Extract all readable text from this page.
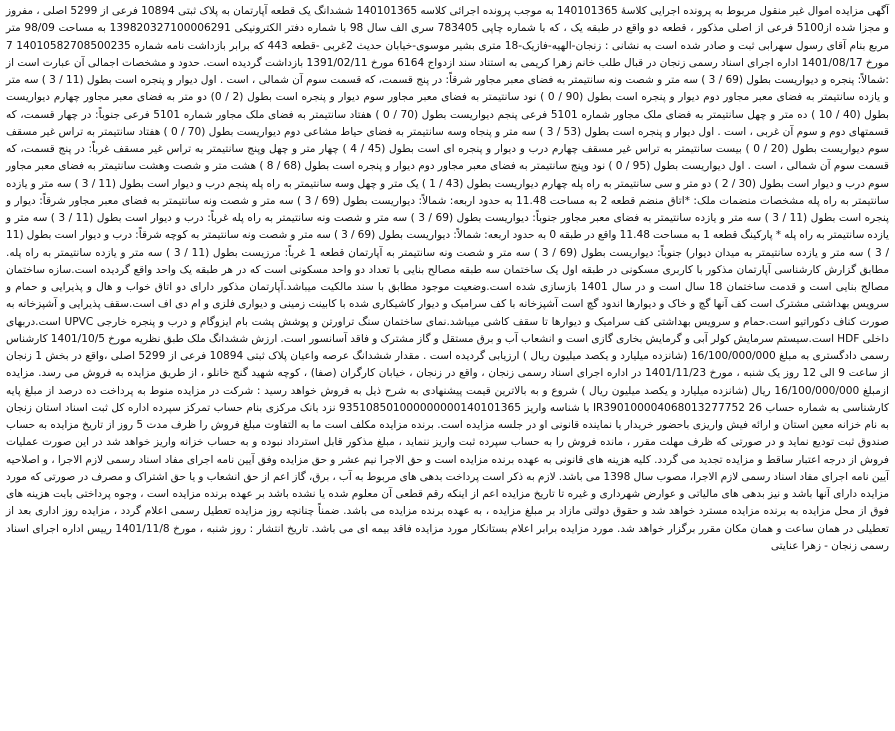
آگهی مزایده اموال غیر منقول مربوط به پرونده اجرایی کلاسهٔ 140101365 به موجب پرونده اجرائی کلاسه 140101365 ششدانگ یک قطعه آپارتمان به پلاک ثبتی 10894 فرعی از 5299 اصلی ، مفروز و مجزا شده از5100 فرعی از اصلی مذکور ، قطعه دو واقع در طبقه یک ، که با شماره چاپی 783405 سری الف سال 98 با شماره دفتر الکترونیکی 139820327100006291 به مساحت 98/09 متر مربع بنام آقای رسول سهرابی ثبت و صادر شده است به نشانی : زنجان-الهیه-فازیک-18 متری بشیر موسوی-خیابان حدیث 2غربی -قطعه 443 که برابر بازداشت نامه شماره 14010582708500235 7 مورخ 1401/08/17 اداره اجرای اسناد رسمی زنجان در قبال طلب خانم زهرا کریمی به استناد سند ازدواج 6164 مورخ 1391/02/11 بازداشت گردیده است. حدود و مشخصات اجمالی آن عبارت است از :شمالاً: پنجره و دیواریست بطول (69 / 3 ) سه متر و شصت ونه سانتیمتر به فضای معبر مجاور شرقاً: در پنج قسمت، که قسمت سوم آن شمالی ، است . اول دیوار و پنجره است بطول (11 / 3 ) سه متر و یازده سانتیمتر به فضای معبر مجاور دوم دیوار و پنجره است بطول (90 / 0 ) نود سانتیمتر به فضای معبر مجاور سوم دیوار و پنجره است بطول (2 / 0) دو متر به فضای معبر مجاور چهارم دیواریست بطول (40 / 10 ) ده متر و چهل سانتیمتر به فضای ملک مجاور شماره 5101 فرعی پنجم دیواریست بطول (70 / 0 ) هفتاد سانتیمتر به فضای ملک مجاور شماره 5101 فرعی جنوباً: در چهار قسمت، که قسمتهای دوم و سوم آن غربی ، است . اول دیوار و پنجره است بطول (53 / 3 ) سه متر و پنجاه وسه سانتیمتر به فضای حیاط مشاعی دوم دیواریست بطول (70 / 0 ) هفتاد سانتیمتر به تراس غیر مسقف سوم دیواریست بطول (20 / 0 ) بیست سانتیمتر به تراس غیر مسقف چهارم درب و دیوار و پنجره ای است بطول (45 / 4 ) چهار متر و چهل وپنج سانتیمتر به تراس غیر مسقف غرباً: در پنج قسمت، که قسمت سوم آن شمالی ، است . اول دیواریست بطول (95 / 0 ) نود وپنج سانتیمتر به فضای معبر مجاور دوم دیوار و پنجره است بطول (68 / 8 ) هشت متر و شصت وهشت سانتیمتر به فضای معبر مجاور سوم درب و دیوار است بطول (30 / 2 ) دو متر و سی سانتیمتر به راه پله چهارم دیواریست بطول (43 / 1 ) یک متر و چهل وسه سانتیمتر به راه پله پنجم درب و دیوار است بطول (11 / 3 ) سه متر و یازده سانتیمتر به راه پله مشخصات منضمات ملک: *اتاق منضم قطعه 2 به مساحت 11.48 به حدود اربعه: شمالاً: دیواریست بطول (69 / 3 ) سه متر و شصت ونه سانتیمتر به فضای معبر مجاور شرقاً: دیوار و پنجره است بطول (11 / 3 ) سه متر و یازده سانتیمتر به فضای معبر مجاور جنوباً: دیواریست بطول (69 / 3 ) سه متر و شصت ونه سانتیمتر به راه پله غرباً: درب و دیوار است بطول (11 / 3 ) سه متر و یازده سانتیمتر به راه پله * پارکینگ قطعه 1 به مساحت 11.48 واقع در طبقه 0 به حدود اربعه: شمالاً: دیواریست بطول (69 / 3 ) سه متر و شصت ونه سانتیمتر به کوچه شرقاً: درب و دیوار است بطول (11 / 3 ) سه متر و یازده سانتیمتر به میدان دیوار) جنوباً: دیواریست بطول (69 / 3 ) سه متر و شصت ونه سانتیمتر به آپارتمان قطعه 1 غرباً: مرزیست بطول (11 / 3 ) سه متر و یازده سانتیمتر به راه پله. مطابق گزارش کارشناسی آپارتمان مذکور با کاربری مسکونی در طبقه اول یک ساختمان سه طبقه مصالح بنایی با تعداد دو واحد مسکونی است که در هر طبقه یک واحد واقع گردیده است.سازه ساختمان مصالح بنایی است و قدمت ساختمان 18 سال است و در سال 1401 بازسازی شده است.وضعیت موجود مطابق با سند مالکیت میباشد.آپارتمان مذکور دارای دو اتاق خواب و هال و پذیرایی و حمام و سرویس بهداشتی مشترک است کف آنها گچ و خاک و دیوارها اندود گچ است آشپزخانه با کف سرامیک و دیوار کاشیکاری شده با کابینت زمینی و دیواری فلزی و ام دی اف است.سقف پذیرایی و آشپزخانه به صورت کناف دکوراتیو است.حمام و سرویس بهداشتی کف سرامیک و دیوارها تا سقف کاشی میباشد.نمای ساختمان سنگ تراورتن و پوشش پشت بام ایزوگام و درب و پنجره خارجی UPVC است.دربهای داخلی HDF است.سیستم سرمایش کولر آبی و گرمایش بخاری گازی است و انشعاب آب و برق مستقل و گاز مشترک و فاقد آسانسور است. ارزش ششدانگ ملک طبق نظریه مورخ 1401/10/5 کارشناس رسمی دادگستری به مبلغ 16/100/000/000 (شانزده میلیارد و یکصد میلیون ریال ) ارزیابی گردیده است . مقدار ششدانگ عرصه واعیان پلاک ثبتی 10894 فرعی از 5299 اصلی ،واقع در بخش 1 زنجان از ساعت 9 الی 12 روز یک شنبه ، مورخ 1401/11/23 در اداره اجرای اسناد رسمی زنجان ، واقع در زنجان ، خیابان کارگران (صفا) ، کوچه شهید گنج خانلو ، از طریق مزایده به فروش می رسد. مزایده ازمبلغ 16/100/000/000 ریال (شانزده میلیارد و یکصد میلیون ریال ) شروع و به بالاترین قیمت پیشنهادی به شرح ذیل به فروش خواهد رسید : شرکت در مزایده منوط به پرداخت ده درصد از مبلغ پایه کارشناسی به شماره حساب IR390100004068013277752 26 با شناسه واریز 935108501000000000140101365 نزد بانک مرکزی بنام حساب تمرکز سپرده اداره کل ثبت اسناد استان زنجان به نام خزانه معین استان و ارائه فیش واریزی باحضور خریدار یا نماینده قانونی او در جلسه مزایده است. برنده مزایده مکلف است ما به التفاوت مبلغ فروش را ظرف مدت 5 روز از تاریخ مزایده به حساب صندوق ثبت تودیع نماید و در صورتی که ظرف مهلت مقرر ، مانده فروش را به حساب سپرده ثبت واریز ننماید ، مبلغ مذکور قابل استرداد نبوده و به حساب خزانه واریز خواهد شد در این صورت عملیات فروش از درجه اعتبار ساقط و مزایده تجدید می گردد. کلیه هزینه های قانونی به عهده برنده مزایده است و حق الاجرا نیم عشر و حق مزایده وفق آیین نامه اجرای مفاد اسناد رسمی لازم الاجرا ، و اصلاحیه آیین نامه اجرای مفاد اسناد رسمی لازم الاجرا، مصوب سال 1398 می باشد. لازم به ذکر است پرداخت بدهی های مربوط به آب ، برق، گاز اعم از حق انشعاب و یا حق اشتراک و مصرف در صورتی که مورد مزایده دارای آنها باشد و نیز بدهی های مالیاتی و عوارض شهرداری و غیره تا تاریخ مزایده اعم از اینکه رقم قطعی آن معلوم شده یا نشده باشد بر عهده برنده مزایده است ، وجوه پرداختی بابت هزینه های فوق از محل مزایده به برنده مزایده مسترد خواهد شد و حقوق دولتی مازاد بر مبلغ مزایده ، به عهده برنده مزایده می باشد. ضمناً چنانچه روز مزایده تعطیل رسمی اعلام گردد ، مزایده روز اداری بعد از تعطیلی در همان ساعت و همان مکان مقرر برگزار خواهد شد. مورد مزایده برابر اعلام بستانکار مورد مزایده فاقد بیمه ای می باشد. تاریخ انتشار : روز شنبه ، مورخ 1401/11/8 رییس اداره اجرای اسناد رسمی زنجان - زهرا عنایتی
